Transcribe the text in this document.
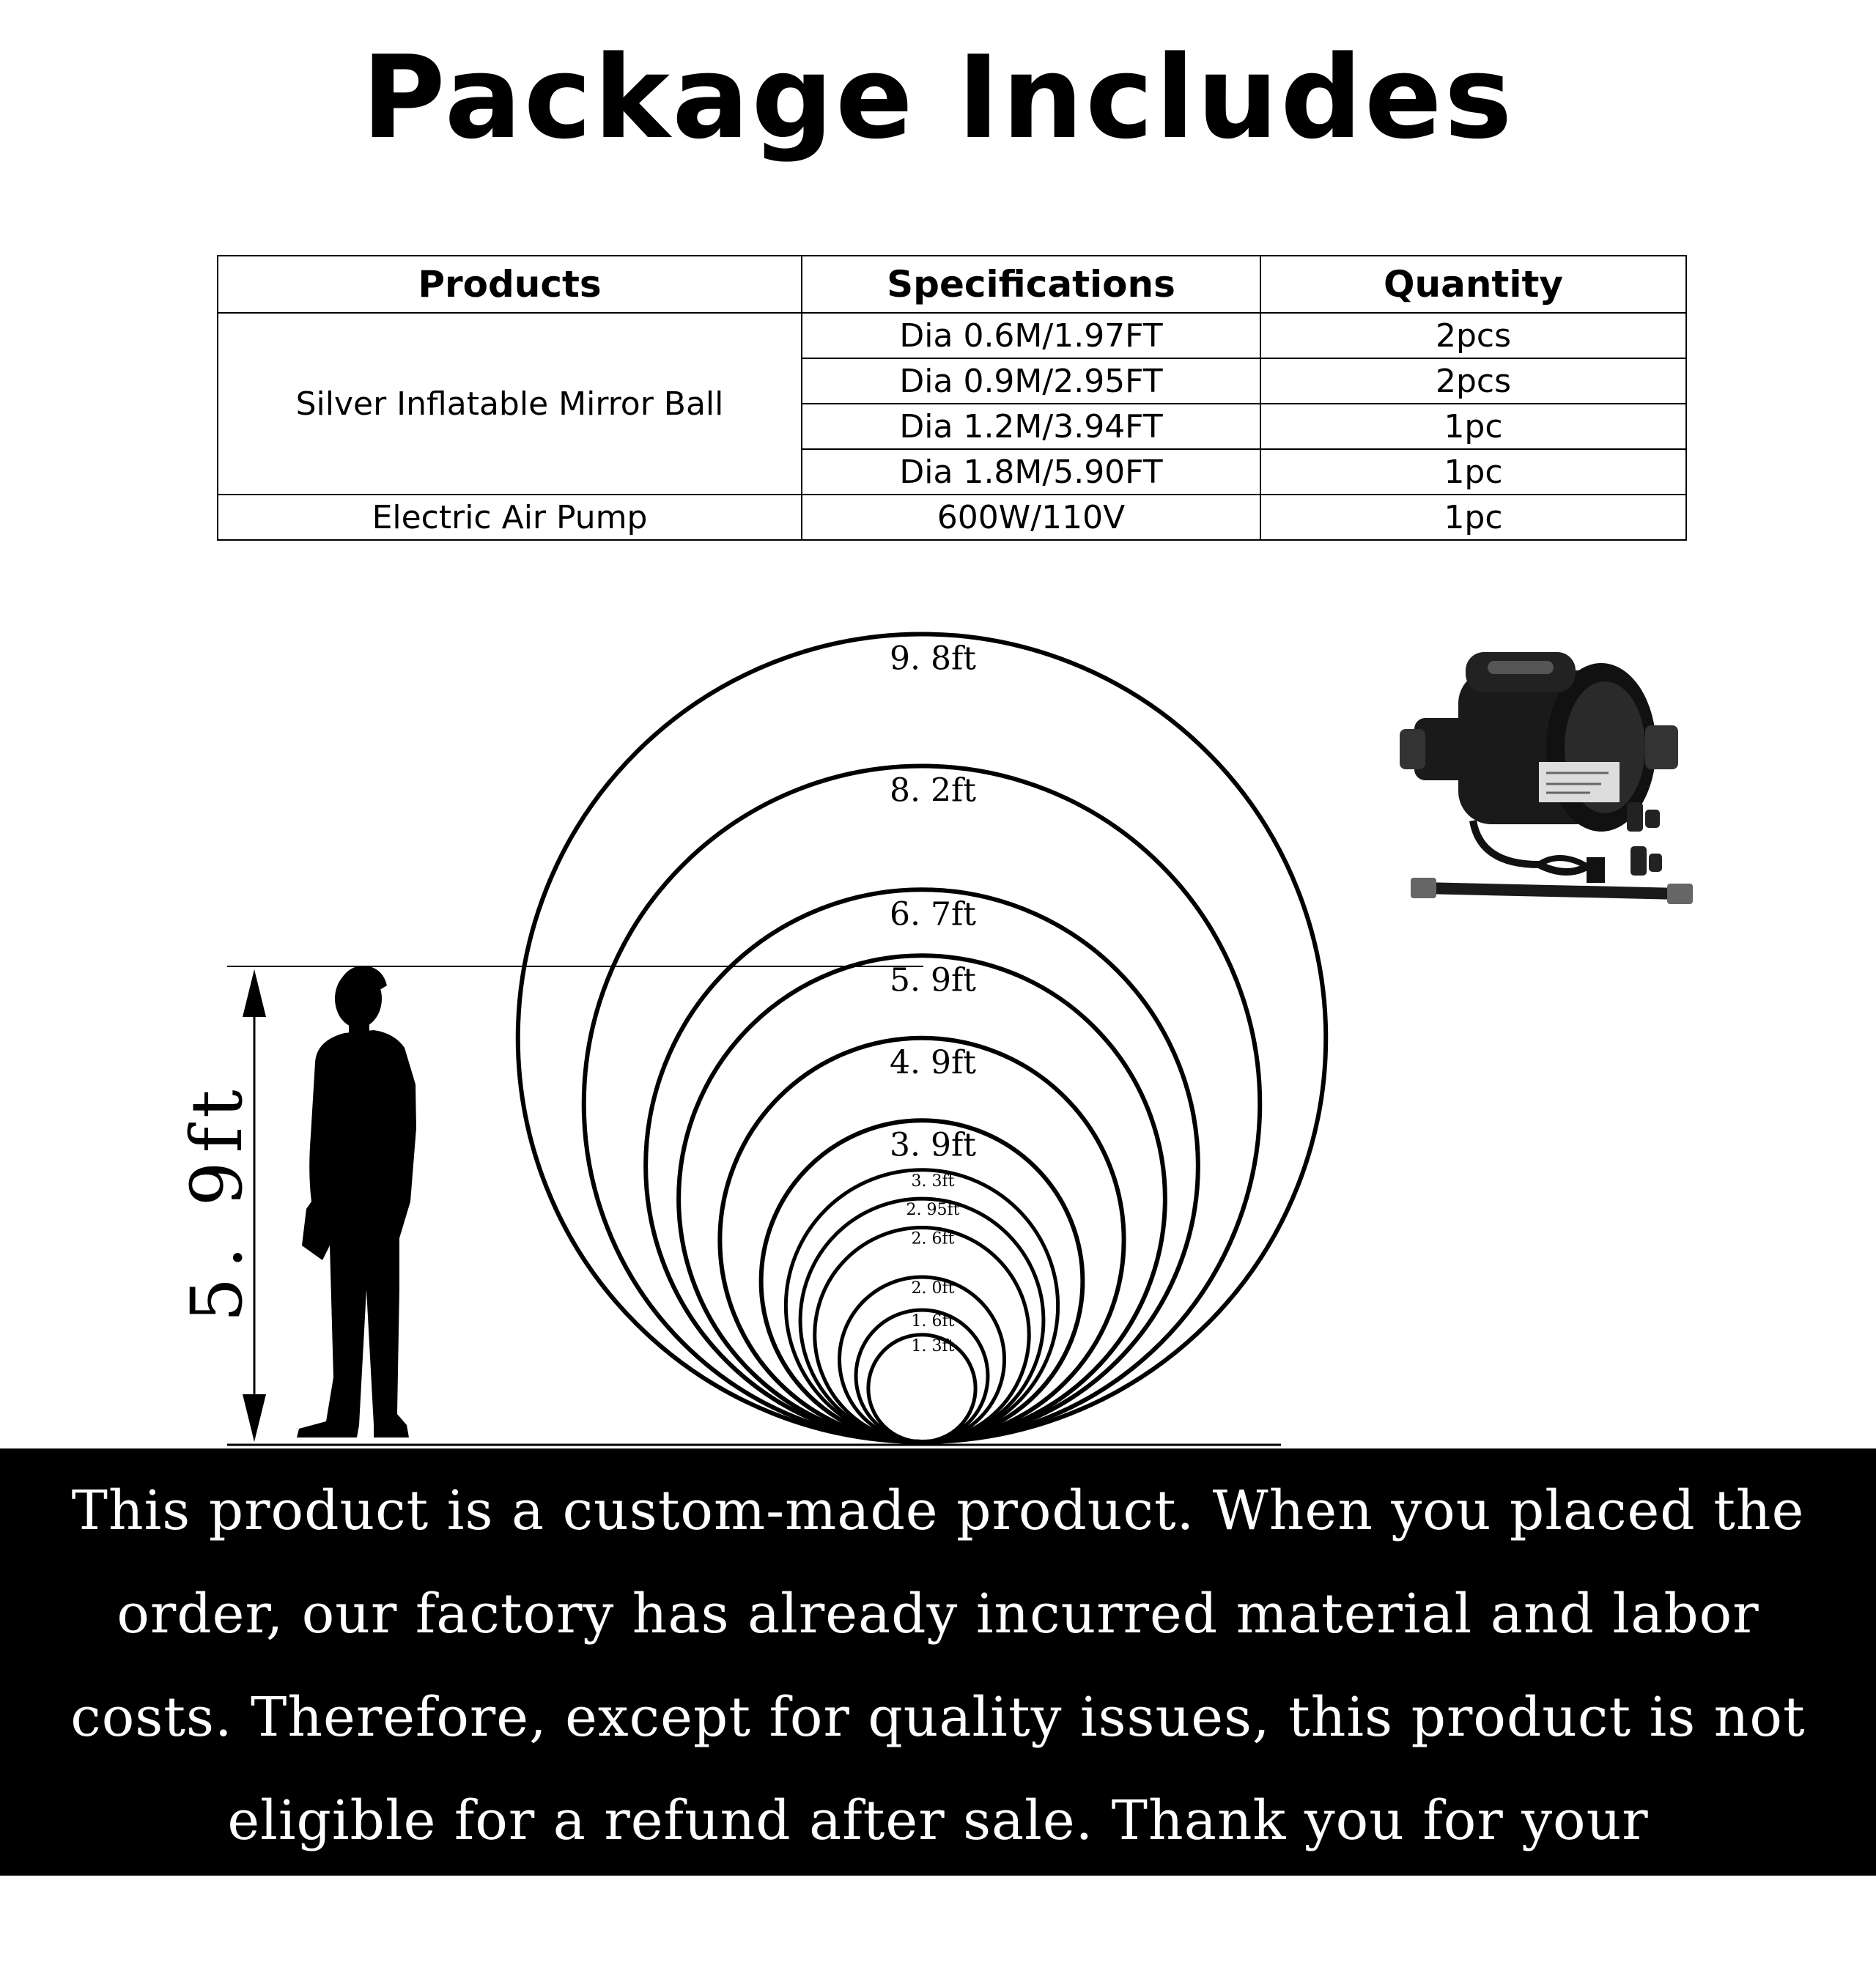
Package Includes
Products	Specifications	Quantity
Silver Inflatable Mirror Ball	Dia 0.6M/1.97FT	2pcs
	Dia 0.9M/2.95FT	2pcs
	Dia 1.2M/3.94FT	1pc
	Dia 1.8M/5.90FT	1pc
Electric Air Pump	600W/110V	1pc
9. 8ft
8. 2ft
6. 7ft
5. 9ft
4. 9ft
3. 9ft
3. 3ft
2. 95ft
2. 6ft
2. 0ft
1. 6ft
1. 3ft
5. 9ft
This product is a custom-made product. When you placed the order, our factory has already incurred material and labor costs. Therefore, except for quality issues, this product is not eligible for a refund after sale. Thank you for your understanding.
